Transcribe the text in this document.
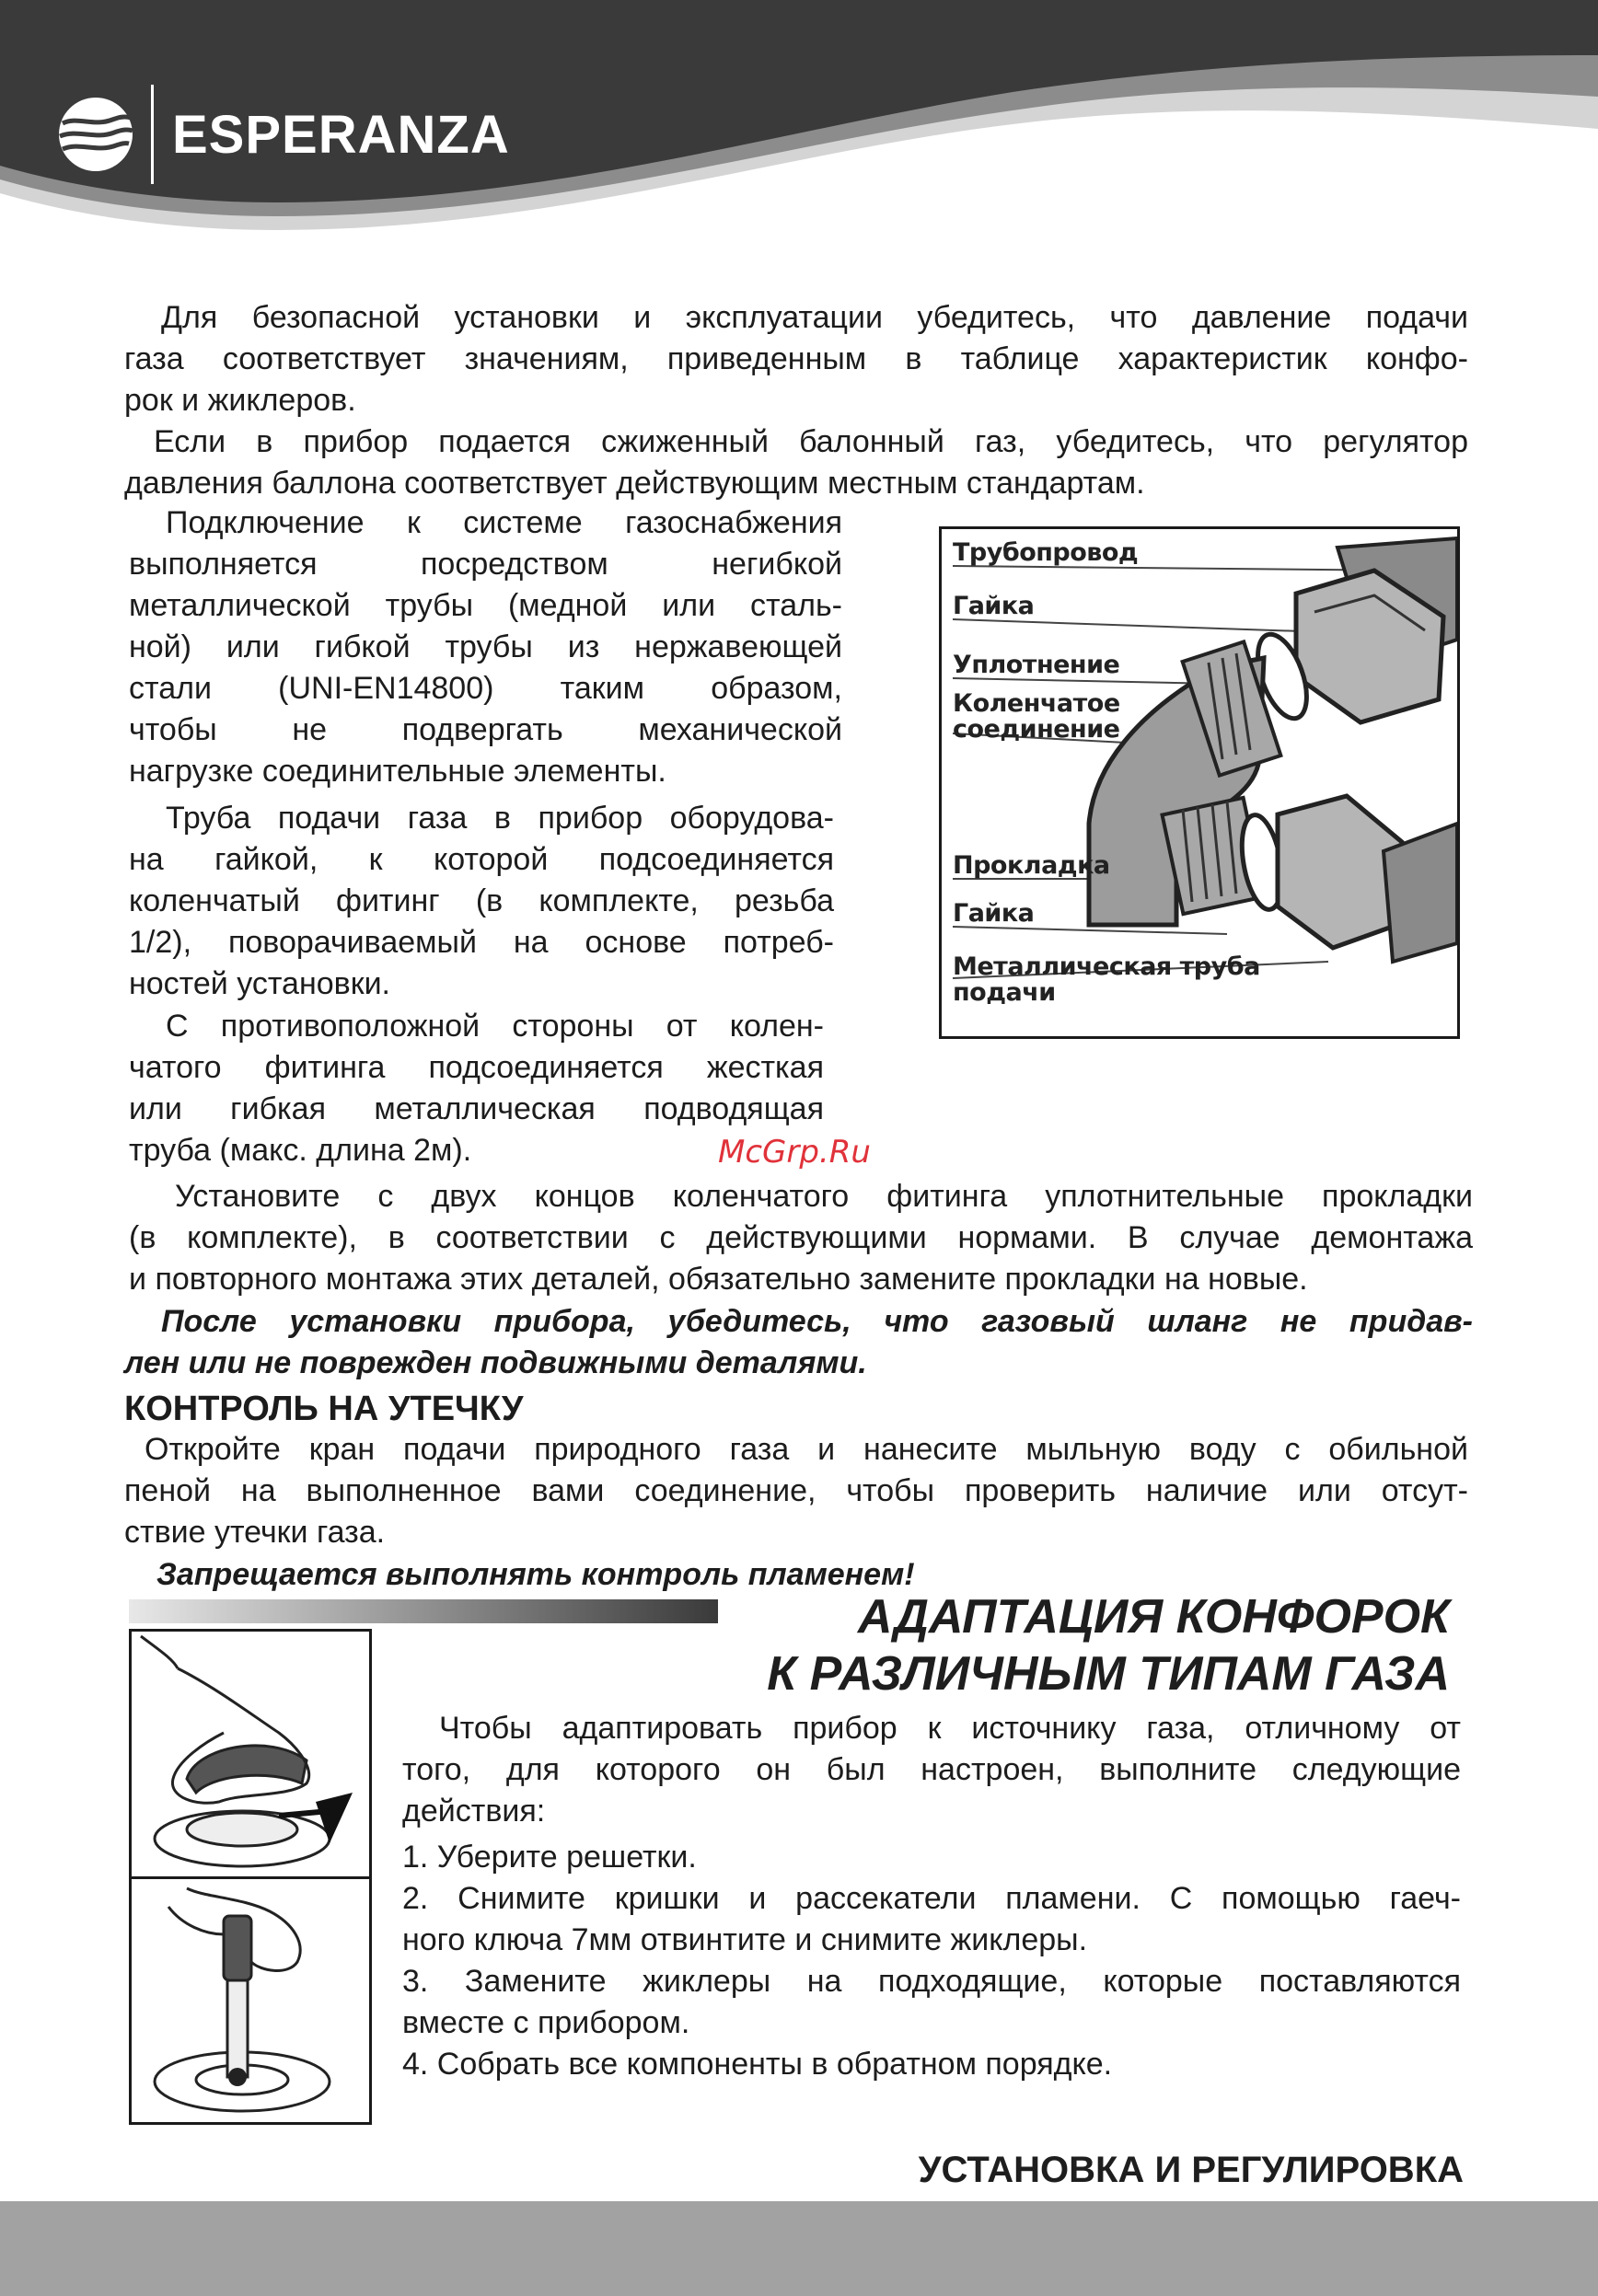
ESPERANZA

Для безопасной установки и эксплуатации убедитесь, что давление подачи

газа соответствует значениям, приведенным в таблице характеристик конфо-

рок и жиклеров.

Если в прибор подается сжиженный балонный газ, убедитесь, что регулятор

давления баллона соответствует действующим местным стандартам.

Подключение к системе газоснабжения

выполняется посредством негибкой

металлической трубы (медной или сталь-

ной) или гибкой трубы из нержавеющей

стали (UNI-EN14800) таким образом,

чтобы не подвергать механической

нагрузке соединительные элементы.

Труба подачи газа в прибор оборудова-

на гайкой, к которой подсоединяется

коленчатый фитинг (в комплекте, резьба

1/2), поворачиваемый на основе потреб-

ностей установки.

С противоположной стороны от колен-

чатого фитинга подсоединяется жесткая

или гибкая металлическая подводящая

труба (макс. длина 2м).	McGrp.Ru
Трубопровод
Гайка
Уплотнение
Коленчатое
соединение
Прокладка
Гайка
Металлическая труба
подачи

Установите с двух концов коленчатого фитинга уплотнительные прокладки

(в комплекте), в соответствии с действующими нормами. В случае демонтажа

и повторного монтажа этих деталей, обязательно замените прокладки на новые.

После установки прибора, убедитесь, что газовый шланг не придав-

лен или не поврежден подвижными деталями.

КОНТРОЛЬ НА УТЕЧКУ

Откройте кран подачи природного газа и нанесите мыльную воду с обильной

пеной на выполненное вами соединение, чтобы проверить наличие или отсут-

ствие утечки газа.

Запрещается выполнять контроль пламенем!
АДАПТАЦИЯ КОНФОРОК
К РАЗЛИЧНЫМ ТИПАМ ГАЗА

Чтобы адаптировать прибор к источнику газа, отличному от

того, для которого он был настроен, выполните следующие

действия:

1. Уберите решетки.

2. Снимите кришки и рассекатели пламени. С помощью гаеч-

ного ключа 7мм отвинтите и снимите жиклеры.

3. Замените жиклеры на подходящие, которые поставляются

вместе с прибором.

4. Собрать все компоненты в обратном порядке.

УСТАНОВКА И РЕГУЛИРОВКА
